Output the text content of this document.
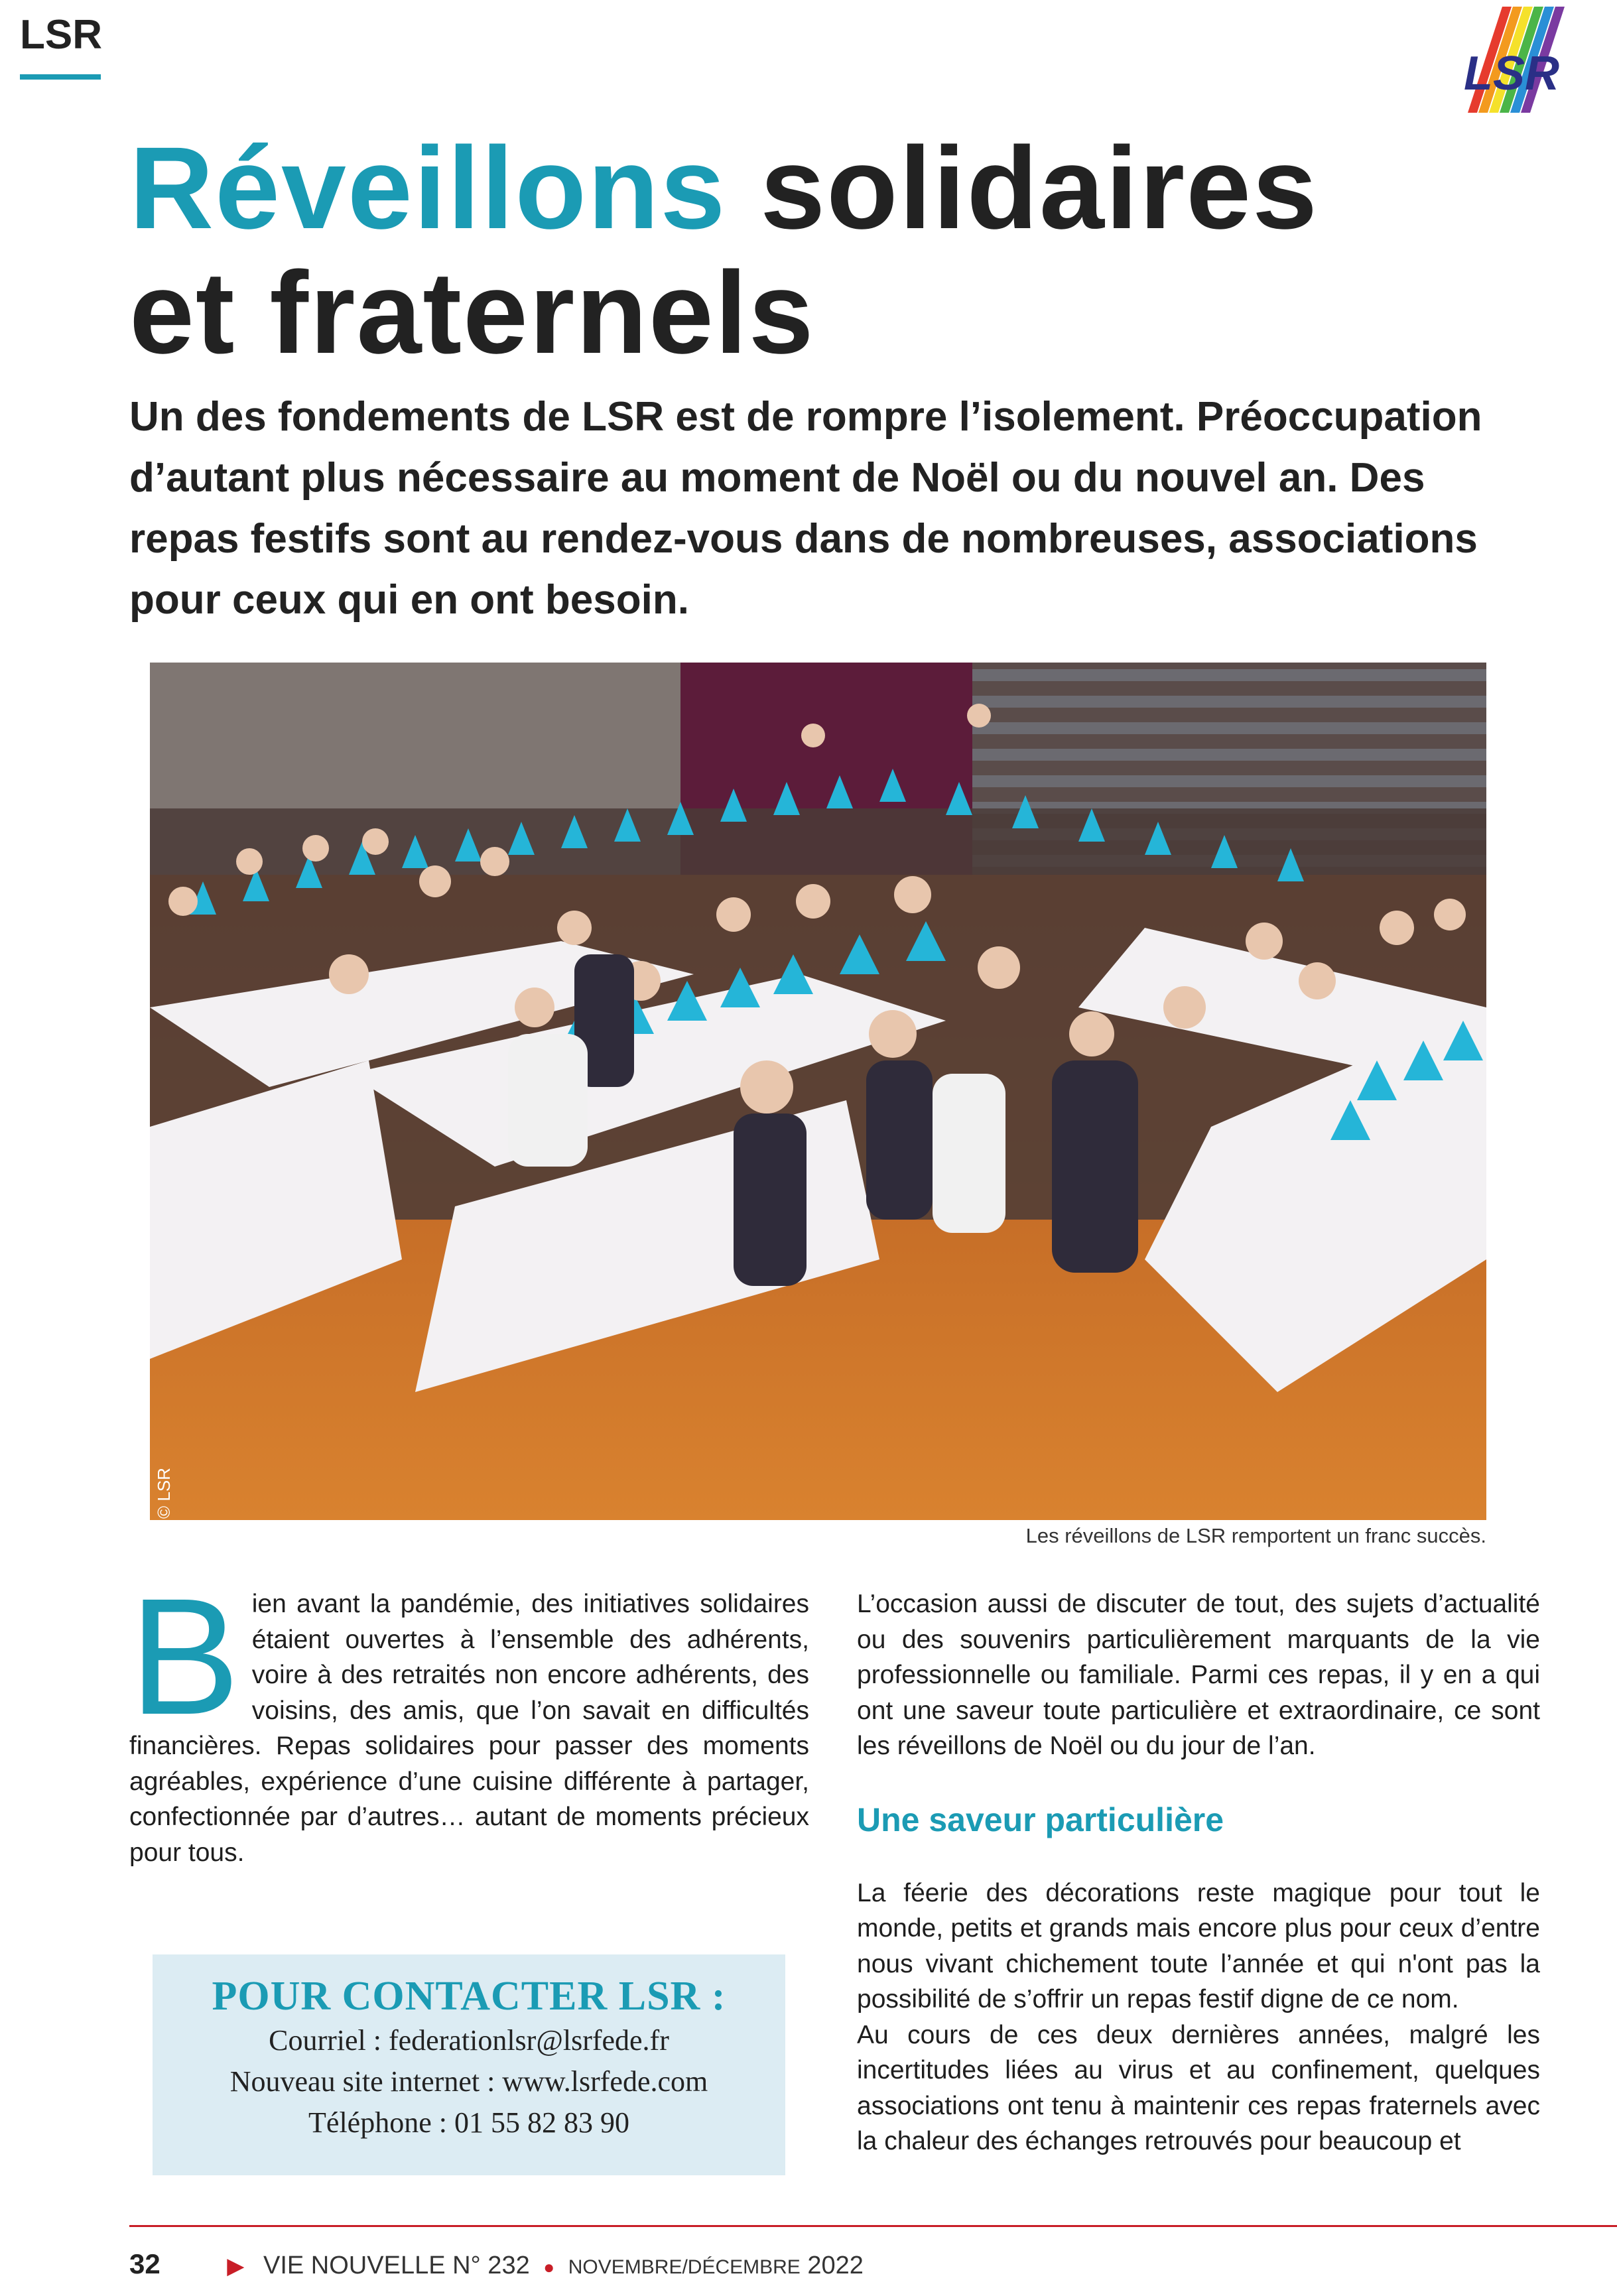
LSR
LSR
Réveillons solidaires
et fraternels
Un des fondements de LSR est de rompre l’isolement. Préoccupation d’autant plus nécessaire au moment de Noël ou du nouvel an. Des repas festifs sont au rendez-vous dans de nombreuses, associations pour ceux qui en ont besoin.
© LSR
Les réveillons de LSR remportent un franc succès.
B ien avant la pandémie, des initiatives solidaires étaient ouvertes à l’ensemble des adhérents, voire à des retraités non encore adhérents, des voisins, des amis, que l’on savait en difficultés financières. Repas solidaires pour passer des moments agréables, expérience d’une cuisine différente à partager, confectionnée par d’autres… autant de moments précieux pour tous.
POUR CONTACTER LSR :
Courriel : federationlsr@lsrfede.fr
Nouveau site internet : www.lsrfede.com
Téléphone : 01 55 82 83 90
L’occasion aussi de discuter de tout, des sujets d’actualité ou des souvenirs particulièrement marquants de la vie professionnelle ou familiale. Parmi ces repas, il y en a qui ont une saveur toute particulière et extraordinaire, ce sont les réveillons de Noël ou du jour de l’an.
Une saveur particulière
La féerie des décorations reste magique pour tout le monde, petits et grands mais encore plus pour ceux d’entre nous vivant chichement toute l’année et qui n'ont pas la possibilité de s’offrir un repas festif digne de ce nom.
Au cours de ces deux dernières années, malgré les incertitudes liées au virus et au confinement, quelques associations ont tenu à maintenir ces repas fraternels avec la chaleur des échanges retrouvés pour beaucoup et
32	▶ VIE NOUVELLE N° 232 ● NOVEMBRE/DÉCEMBRE 2022
